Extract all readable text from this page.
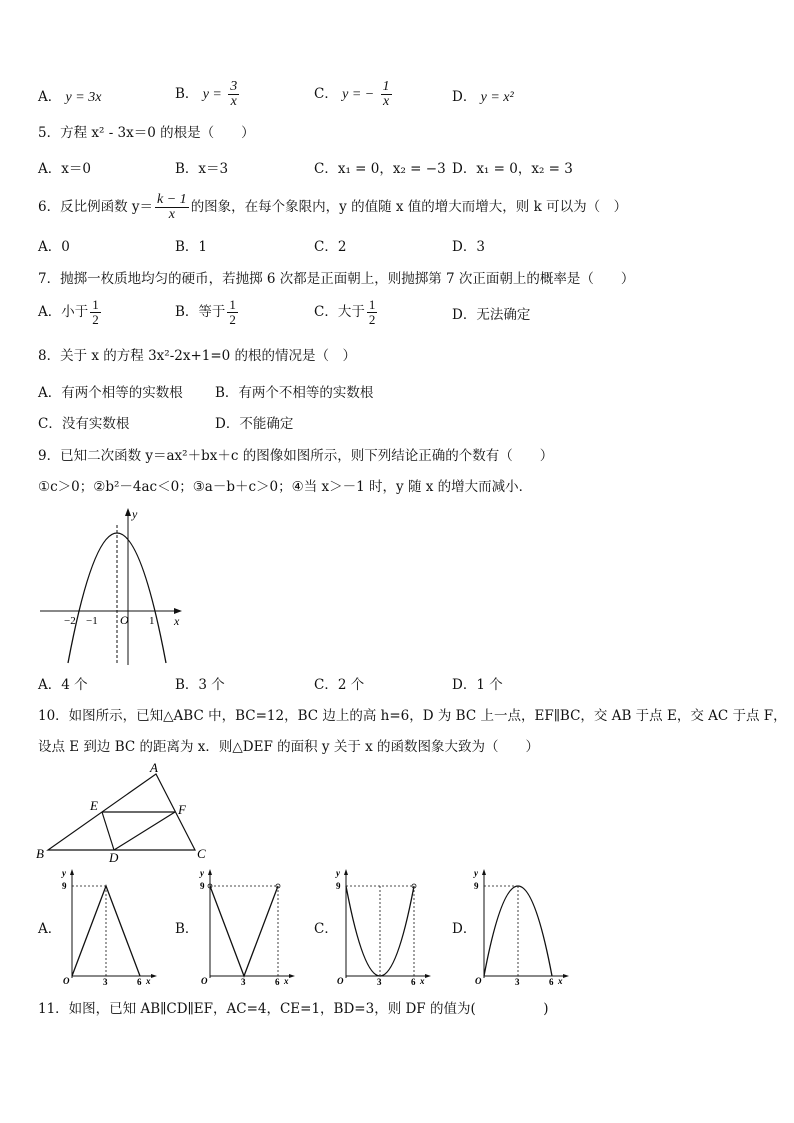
A． y = 3x	B． $y = \frac{3}{x}$	C． y = − $\frac{1}{x}$	D． y = x²
5．方程 x² - 3x＝0 的根是（　　）
A．x＝0	B．x＝3	C．x₁ = 0，x₂ = −3 D．x₁ = 0，x₂ = 3
6．反比例函数 $y= \frac{k - 1}{x}$ 的图象，在每个象限内，y 的值随 x 值的增大而增大，则 k 可以为（　）
A．0	B．1	C．2	D．3
7．抛掷一枚质地均匀的硬币，若抛掷 6 次都是正面朝上，则抛掷第 7 次正面朝上的概率是（　　）
A．小于 $\frac{1}{2}$	B．等于 $\frac{1}{2}$	C．大于 $\frac{1}{2}$	D．无法确定
8．关于 x 的方程 3x²-2x+1=0 的根的情况是（　）
A．有两个相等的实数根 B．有两个不相等的实数根
C．没有实数根	D．不能确定
9．已知二次函数 y＝ax²＋bx＋c 的图像如图所示，则下列结论正确的个数有（　　）
①c＞0；②b²－4ac＜0；③a－b＋c＞0；④当 x＞－1 时，y 随 x 的增大而减小．
y
x
O
−2 −1	1
A．4 个	B．3 个	C．2 个	D．1 个
10．如图所示，已知△ABC 中，BC=12，BC 边上的高 h=6，D 为 BC 上一点，EF∥BC，交 AB 于点 E，交 AC 于点 F，
设点 E 到边 BC 的距离为 x．则△DEF 的面积 y 关于 x 的函数图象大致为（　　）
A
B	C
D
E	F
A．
y
9
O	3	6 x
B．
y
9
O	3	6 x
C．
y
9
O	3	6 x
D．
y
9
O	3	6 x
11．如图，已知 AB∥CD∥EF，AC=4，CE=1，BD=3，则 DF 的值为(　　　　　)
